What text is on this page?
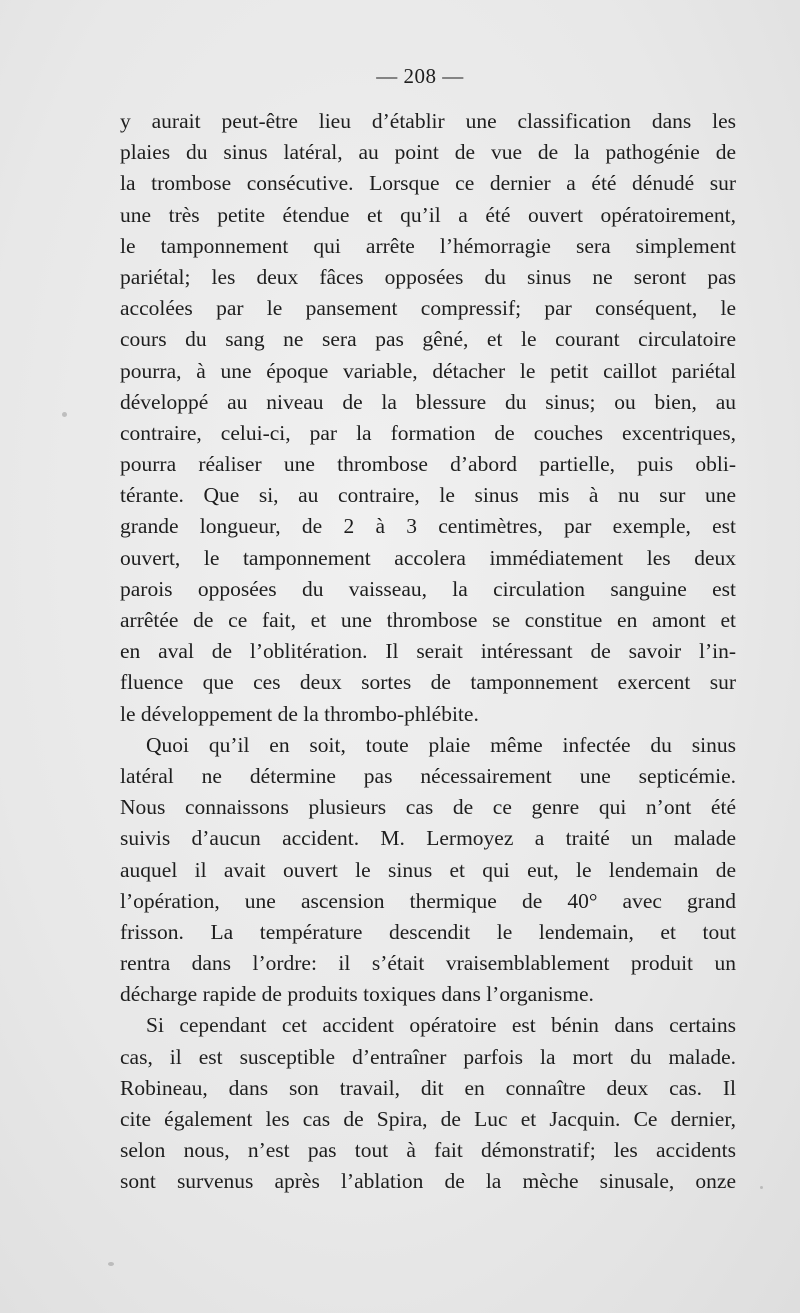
— 208 —
y aurait peut-être lieu d’établir une classification dans les
plaies du sinus latéral, au point de vue de la pathogénie de
la trombose consécutive. Lorsque ce dernier a été dénudé sur
une très petite étendue et qu’il a été ouvert opératoirement,
le tamponnement qui arrête l’hémorragie sera simplement
pariétal; les deux fâces opposées du sinus ne seront pas
accolées par le pansement compressif; par conséquent, le
cours du sang ne sera pas gêné, et le courant circulatoire
pourra, à une époque variable, détacher le petit caillot pariétal
développé au niveau de la blessure du sinus; ou bien, au
contraire, celui-ci, par la formation de couches excentriques,
pourra réaliser une thrombose d’abord partielle, puis obli-
térante. Que si, au contraire, le sinus mis à nu sur une
grande longueur, de 2 à 3 centimètres, par exemple, est
ouvert, le tamponnement accolera immédiatement les deux
parois opposées du vaisseau, la circulation sanguine est
arrêtée de ce fait, et une thrombose se constitue en amont et
en aval de l’oblitération. Il serait intéressant de savoir l’in-
fluence que ces deux sortes de tamponnement exercent sur
le développement de la thrombo-phlébite.
Quoi qu’il en soit, toute plaie même infectée du sinus
latéral ne détermine pas nécessairement une septicémie.
Nous connaissons plusieurs cas de ce genre qui n’ont été
suivis d’aucun accident. M. Lermoyez a traité un malade
auquel il avait ouvert le sinus et qui eut, le lendemain de
l’opération, une ascension thermique de 40° avec grand
frisson. La température descendit le lendemain, et tout
rentra dans l’ordre: il s’était vraisemblablement produit un
décharge rapide de produits toxiques dans l’organisme.
Si cependant cet accident opératoire est bénin dans certains
cas, il est susceptible d’entraîner parfois la mort du malade.
Robineau, dans son travail, dit en connaître deux cas. Il
cite également les cas de Spira, de Luc et Jacquin. Ce dernier,
selon nous, n’est pas tout à fait démonstratif; les accidents
sont survenus après l’ablation de la mèche sinusale, onze
